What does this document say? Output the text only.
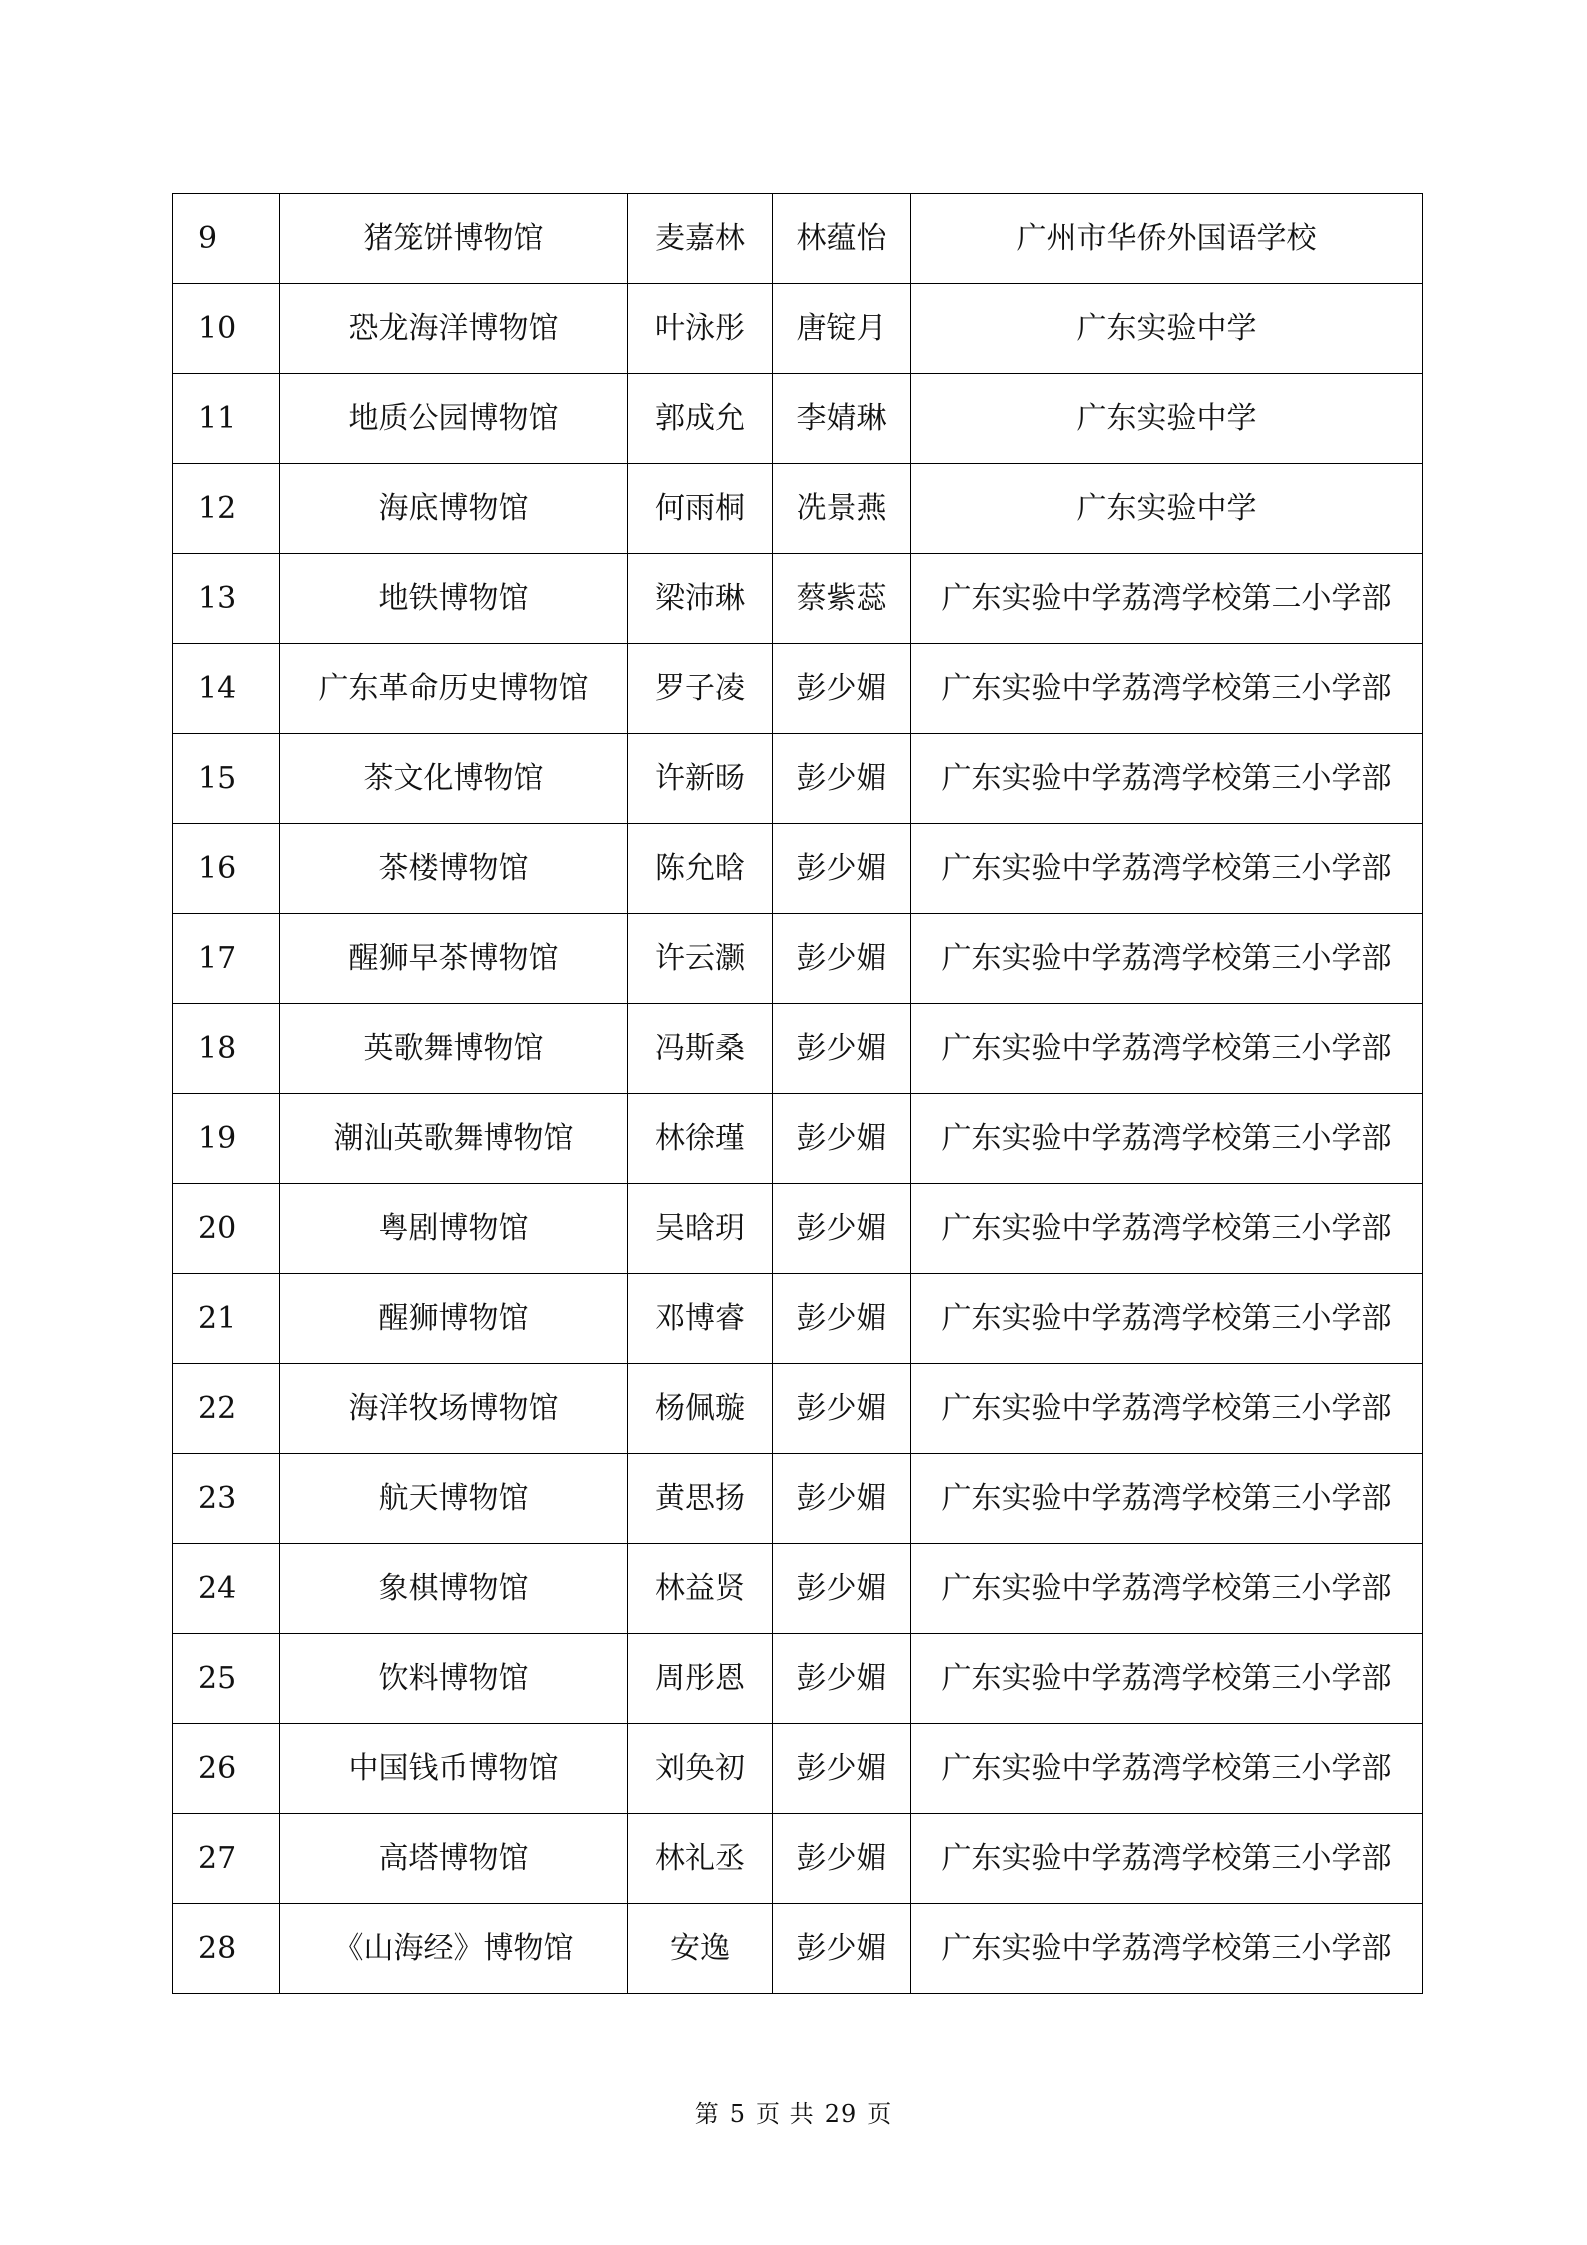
9	猪笼饼博物馆	麦嘉林	林蕴怡	广州市华侨外国语学校
10	恐龙海洋博物馆	叶泳彤	唐锭月	广东实验中学
11	地质公园博物馆	郭成允	李婧琳	广东实验中学
12	海底博物馆	何雨桐	冼景燕	广东实验中学
13	地铁博物馆	梁沛琳	蔡紫蕊	广东实验中学荔湾学校第二小学部
14	广东革命历史博物馆	罗子凌	彭少媚	广东实验中学荔湾学校第三小学部
15	茶文化博物馆	许新旸	彭少媚	广东实验中学荔湾学校第三小学部
16	茶楼博物馆	陈允晗	彭少媚	广东实验中学荔湾学校第三小学部
17	醒狮早茶博物馆	许云灏	彭少媚	广东实验中学荔湾学校第三小学部
18	英歌舞博物馆	冯斯桑	彭少媚	广东实验中学荔湾学校第三小学部
19	潮汕英歌舞博物馆	林徐瑾	彭少媚	广东实验中学荔湾学校第三小学部
20	粤剧博物馆	吴晗玥	彭少媚	广东实验中学荔湾学校第三小学部
21	醒狮博物馆	邓博睿	彭少媚	广东实验中学荔湾学校第三小学部
22	海洋牧场博物馆	杨佩璇	彭少媚	广东实验中学荔湾学校第三小学部
23	航天博物馆	黄思扬	彭少媚	广东实验中学荔湾学校第三小学部
24	象棋博物馆	林益贤	彭少媚	广东实验中学荔湾学校第三小学部
25	饮料博物馆	周彤恩	彭少媚	广东实验中学荔湾学校第三小学部
26	中国钱币博物馆	刘奂初	彭少媚	广东实验中学荔湾学校第三小学部
27	高塔博物馆	林礼丞	彭少媚	广东实验中学荔湾学校第三小学部
28	《山海经》博物馆	安逸	彭少媚	广东实验中学荔湾学校第三小学部
第 5 页 共 29 页
